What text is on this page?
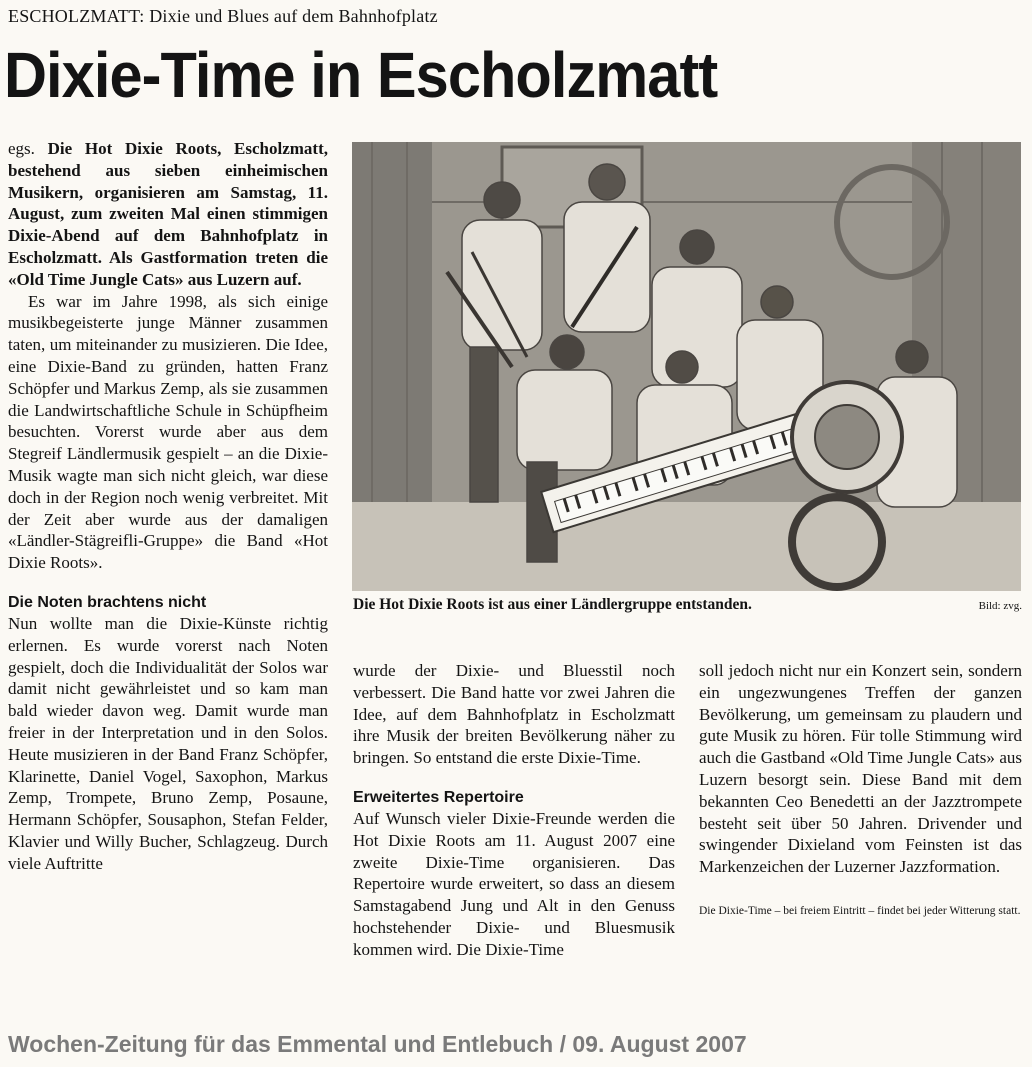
ESCHOLZMATT: Dixie und Blues auf dem Bahnhofplatz
Dixie-Time in Escholzmatt

egs. Die Hot Dixie Roots, Escholzmatt, bestehend aus sieben einheimischen Musikern, organisieren am Samstag, 11. August, zum zweiten Mal einen stimmigen Dixie-Abend auf dem Bahnhofplatz in Escholzmatt. Als Gastformation treten die «Old Time Jungle Cats» aus Luzern auf.

Es war im Jahre 1998, als sich einige musikbegeisterte junge Männer zusammen taten, um miteinander zu musizieren. Die Idee, eine Dixie-Band zu gründen, hatten Franz Schöpfer und Markus Zemp, als sie zusammen die Landwirtschaftliche Schule in Schüpfheim besuchten. Vorerst wurde aber aus dem Stegreif Ländlermusik gespielt – an die Dixie-Musik wagte man sich nicht gleich, war diese doch in der Region noch wenig verbreitet. Mit der Zeit aber wurde aus der damaligen «Ländler-Stägreifli-Gruppe» die Band «Hot Dixie Roots».

Die Noten brachtens nicht

Nun wollte man die Dixie-Künste richtig erlernen. Es wurde vorerst nach Noten gespielt, doch die Individualität der Solos war damit nicht gewährleistet und so kam man bald wieder davon weg. Damit wurde man freier in der Interpretation und in den Solos. Heute musizieren in der Band Franz Schöpfer, Klarinette, Daniel Vogel, Saxophon, Markus Zemp, Trompete, Bruno Zemp, Posaune, Hermann Schöpfer, Sousaphon, Stefan Felder, Klavier und Willy Bucher, Schlagzeug. Durch viele Auftritte

Die Hot Dixie Roots ist aus einer Ländlergruppe entstanden.	Bild: zvg.

wurde der Dixie- und Bluesstil noch verbessert. Die Band hatte vor zwei Jahren die Idee, auf dem Bahnhofplatz in Escholzmatt ihre Musik der breiten Bevölkerung näher zu bringen. So entstand die erste Dixie-Time.

Erweitertes Repertoire

Auf Wunsch vieler Dixie-Freunde werden die Hot Dixie Roots am 11. August 2007 eine zweite Dixie-Time organisieren. Das Repertoire wurde erweitert, so dass an diesem Samstagabend Jung und Alt in den Genuss hochstehender Dixie- und Bluesmusik kommen wird. Die Dixie-Time

soll jedoch nicht nur ein Konzert sein, sondern ein ungezwungenes Treffen der ganzen Bevölkerung, um gemeinsam zu plaudern und gute Musik zu hören. Für tolle Stimmung wird auch die Gastband «Old Time Jungle Cats» aus Luzern besorgt sein. Diese Band mit dem bekannten Ceo Benedetti an der Jazztrompete besteht seit über 50 Jahren. Drivender und swingender Dixieland vom Feinsten ist das Markenzeichen der Luzerner Jazzformation.

Die Dixie-Time – bei freiem Eintritt – findet bei jeder Witterung statt.

Wochen-Zeitung für das Emmental und Entlebuch / 09. August 2007
